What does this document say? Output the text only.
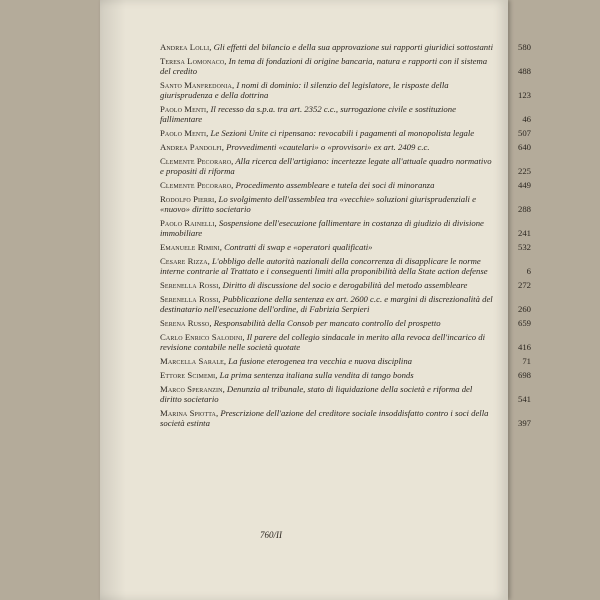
Andrea Lolli, Gli effetti del bilancio e della sua approvazione sui rapporti giuridici sottostanti	580
Teresa Lomonaco, In tema di fondazioni di origine bancaria, natura e rapporti con il sistema del credito	488
Santo Manfredonia, I nomi di dominio: il silenzio del legislatore, le risposte della giurisprudenza e della dottrina	123
Paolo Menti, Il recesso da s.p.a. tra art. 2352 c.c., surrogazione civile e sostituzione fallimentare	46
Paolo Menti, Le Sezioni Unite ci ripensano: revocabili i pagamenti al monopolista legale	507
Andrea Pandolfi, Provvedimenti «cautelari» o «provvisori» ex art. 2409 c.c.	640
Clemente Pecoraro, Alla ricerca dell'artigiano: incertezze legate all'attuale quadro normativo e propositi di riforma	225
Clemente Pecoraro, Procedimento assembleare e tutela dei soci di minoranza	449
Rodolfo Pierri, Lo svolgimento dell'assemblea tra «vecchie» soluzioni giurisprudenziali e «nuovo» diritto societario	288
Paolo Rainelli, Sospensione dell'esecuzione fallimentare in costanza di giudizio di divisione immobiliare	241
Emanuele Rimini, Contratti di swap e «operatori qualificati»	532
Cesare Rizza, L'obbligo delle autorità nazionali della concorrenza di disapplicare le norme interne contrarie al Trattato e i conseguenti limiti alla proponibilità della State action defense	6
Serenella Rossi, Diritto di discussione del socio e derogabilità del metodo assembleare	272
Serenella Rossi, Pubblicazione della sentenza ex art. 2600 c.c. e margini di discrezionalità del destinatario nell'esecuzione dell'ordine, di Fabrizia Serpieri	260
Serena Russo, Responsabilità della Consob per mancato controllo del prospetto	659
Carlo Enrico Salodini, Il parere del collegio sindacale in merito alla revoca dell'incarico di revisione contabile nelle società quotate	416
Marcella Sarale, La fusione eterogenea tra vecchia e nuova disciplina	71
Ettore Scimemi, La prima sentenza italiana sulla vendita di tango bonds	698
Marco Speranzin, Denunzia al tribunale, stato di liquidazione della società e riforma del diritto societario	541
Marina Spiotta, Prescrizione dell'azione del creditore sociale insoddisfatto contro i soci della società estinta	397
760/II
